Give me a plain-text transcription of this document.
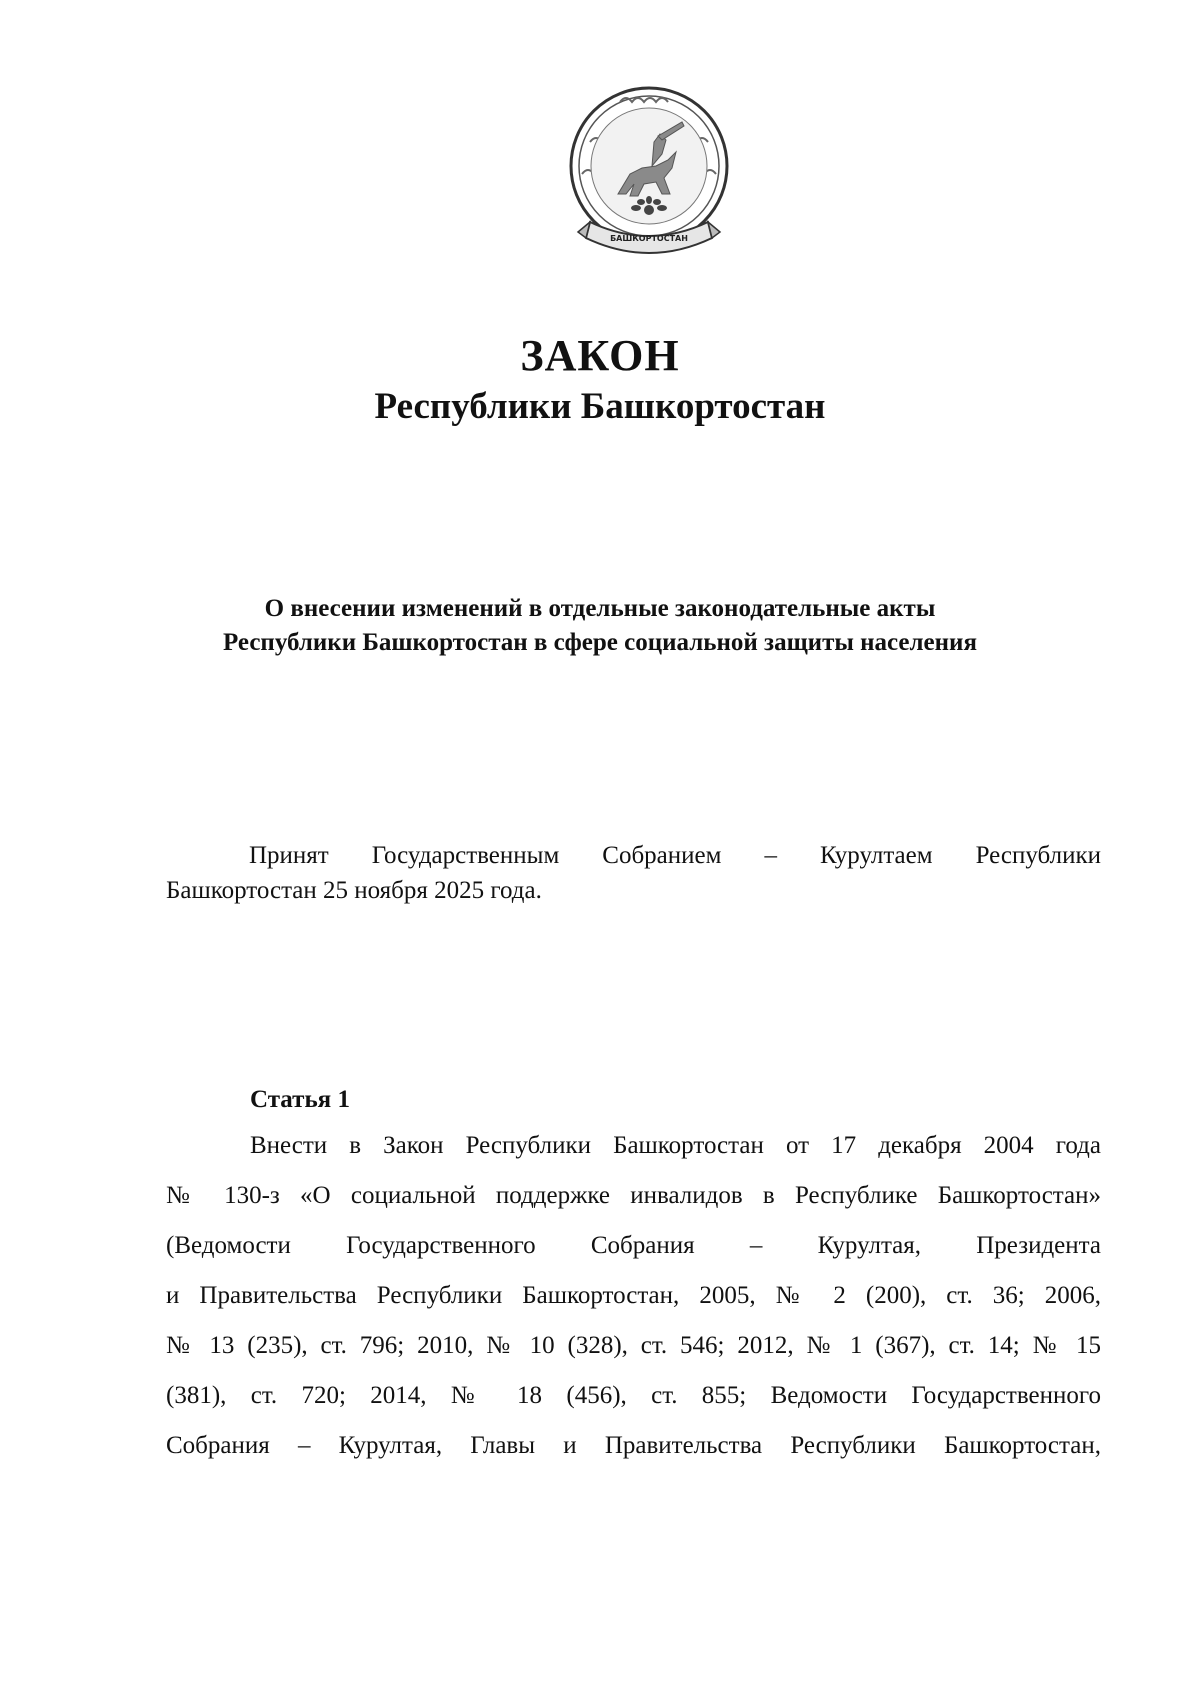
БАШКОРТОСТАН
ЗАКОН
Республики Башкортостан
О внесении изменений в отдельные законодательные акты
Республики Башкортостан в сфере социальной защиты населения
Принят Государственным Собранием – Курултаем Республики
Башкортостан 25 ноября 2025 года.
Статья 1
Внести в Закон Республики Башкортостан от 17 декабря 2004 года
№ 130-з «О социальной поддержке инвалидов в Республике Башкортостан»
(Ведомости Государственного Собрания – Курултая, Президента
и Правительства Республики Башкортостан, 2005, № 2 (200), ст. 36; 2006,
№ 13 (235), ст. 796; 2010, № 10 (328), ст. 546; 2012, № 1 (367), ст. 14; № 15
(381), ст. 720; 2014, № 18 (456), ст. 855; Ведомости Государственного
Собрания – Курултая, Главы и Правительства Республики Башкортостан,
